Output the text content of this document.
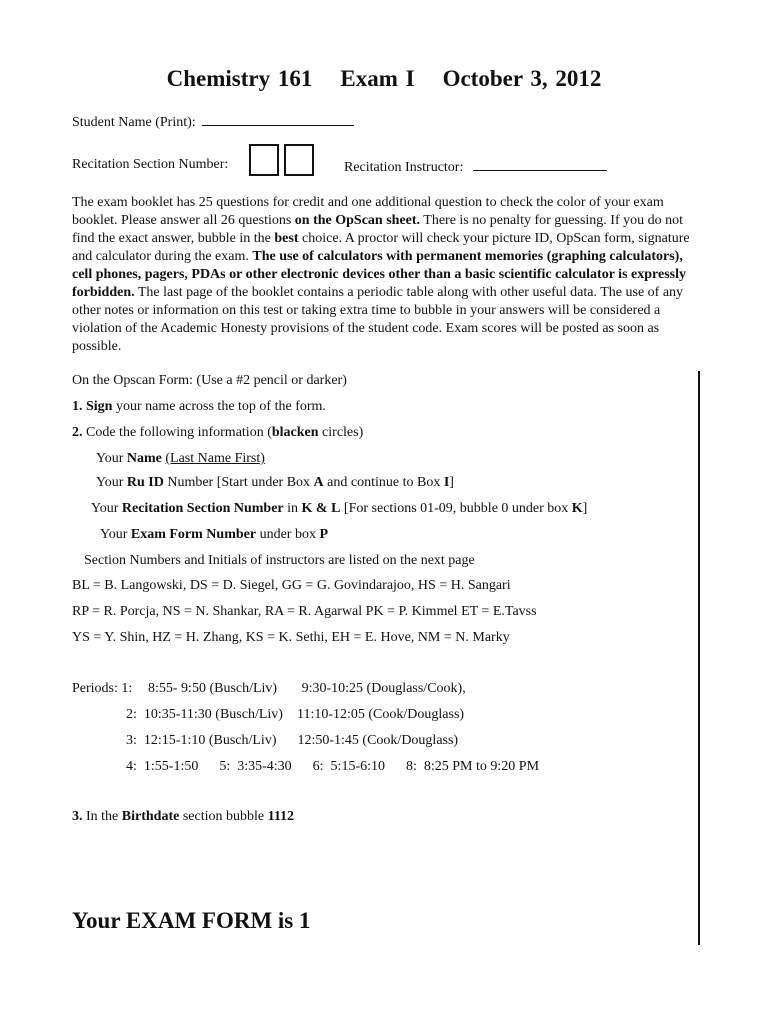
Chemistry 161 Exam I October 3, 2012
Student Name (Print):
Recitation Section Number:	Recitation Instructor:
The exam booklet has 25 questions for credit and one additional question to check the color of your exam booklet. Please answer all 26 questions on the OpScan sheet. There is no penalty for guessing. If you do not find the exact answer, bubble in the best choice. A proctor will check your picture ID, OpScan form, signature and calculator during the exam. The use of calculators with permanent memories (graphing calculators), cell phones, pagers, PDAs or other electronic devices other than a basic scientific calculator is expressly forbidden. The last page of the booklet contains a periodic table along with other useful data. The use of any other notes or information on this test or taking extra time to bubble in your answers will be considered a violation of the Academic Honesty provisions of the student code. Exam scores will be posted as soon as possible.
On the Opscan Form: (Use a #2 pencil or darker)
1. Sign your name across the top of the form.
2. Code the following information (blacken circles)
Your Name (Last Name First)
Your Ru ID Number [Start under Box A and continue to Box I]
Your Recitation Section Number in K & L [For sections 01-09, bubble 0 under box K]
Your Exam Form Number under box P
Section Numbers and Initials of instructors are listed on the next page
BL = B. Langowski, DS = D. Siegel, GG = G. Govindarajoo, HS = H. Sangari
RP = R. Porcja, NS = N. Shankar, RA = R. Agarwal PK = P. Kimmel ET = E.Tavss
YS = Y. Shin, HZ = H. Zhang, KS = K. Sethi, EH = E. Hove, NM = N. Marky
Periods: 1: 8:55- 9:50 (Busch/Liv)       9:30-10:25 (Douglass/Cook),
2:  10:35-11:30 (Busch/Liv)    11:10-12:05 (Cook/Douglass)
3:  12:15-1:10 (Busch/Liv)      12:50-1:45 (Cook/Douglass)
4:  1:55-1:50      5:  3:35-4:30      6:  5:15-6:10      8:  8:25 PM to 9:20 PM
3. In the Birthdate section bubble 1112
Your EXAM FORM is 1
